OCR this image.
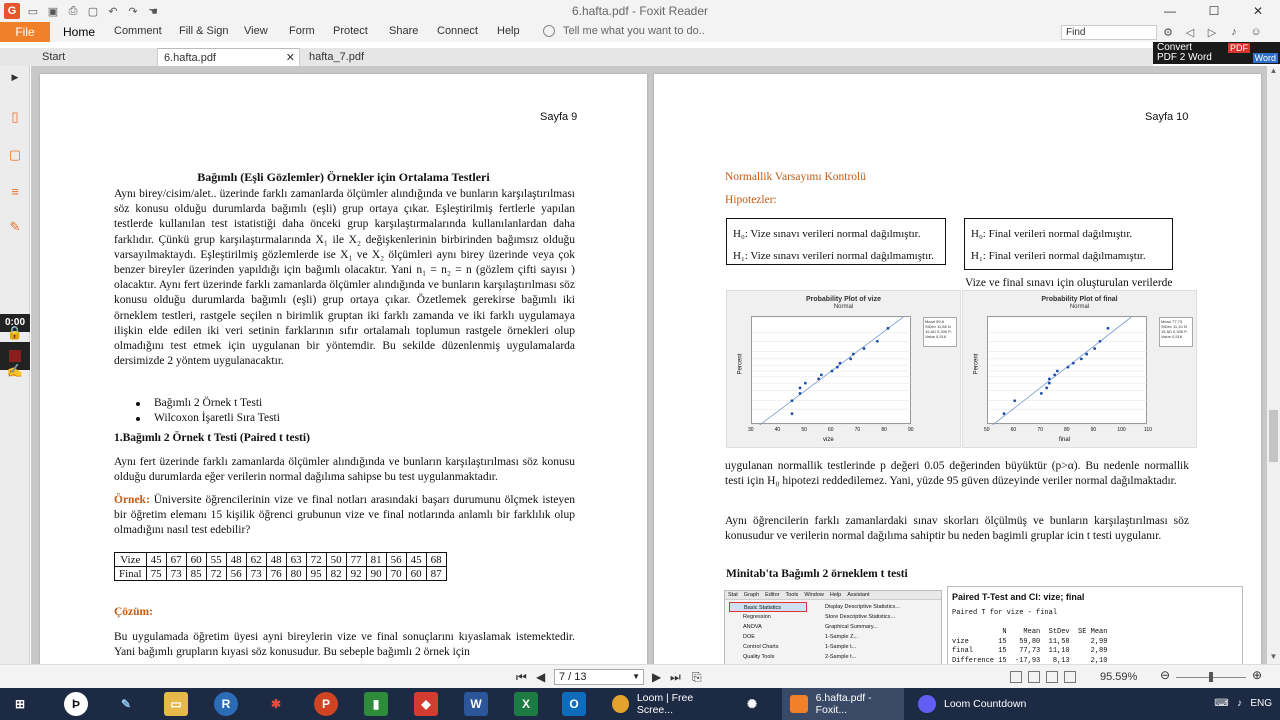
G	▭ ▣ ⎙ ▢ ↶ ↷ ☚	6.hafta.pdf - Foxit Reader	—	☐	✕
File	Home Comment Fill & Sign View Form Protect Share Connect Help	Tell me what you want to do..	Find	⚙	◁	▷	♪	☺
Convert
PDF 2 Word
PDF
Word
Start	6.hafta.pdf	✕	hafta_7.pdf
▶
▯
▢
≡
✎
0:00
🔒
✍
Sayfa 9
Bağımlı (Eşli Gözlemler) Örnekler için Ortalama Testleri
Aynı birey/cisim/alet.. üzerinde farklı zamanlarda ölçümler alındığında ve bunların karşılaştırılması söz konusu olduğu durumlarda bağımlı (eşli) grup ortaya çıkar. Eşleştirilmiş fertlerle yapılan testlerde kullanılan test istatistiği daha önceki grup karşılaştırmalarında kullanılanlardan daha farklıdır. Çünkü grup karşılaştırmalarında X₁ ile X₂ değişkenlerinin birbirinden bağımsız olduğu varsayılmaktaydı. Eşleştirilmiş gözlemlerde ise X₁ ve X₂ ölçümleri aynı birey üzerinde veya çok benzer bireyler üzerinden yapıldığı için bağımlı olacaktır. Yani n₁ = n₂ = n (gözlem çifti sayısı ) olacaktır. Aynı fert üzerinde farklı zamanlarda ölçümler alındığında ve bunların karşılaştırılması söz konusu olduğu durumlarda bağımlı (eşli) grup ortaya çıkar. Özetlemek gerekirse bağımlı iki örneklem testleri, rastgele seçilen n birimlik gruptan iki farklı zamanda ve iki farklı uygulamaya ilişkin elde edilen iki veri setinin farklarının sıfır ortalamalı toplumun rastgele örnekleri olup olmadığını test etmek için uygulanan bir yöntemdir. Bu sekilde düzenlenmiş uygulamalarda dersimizde 2 yöntem uygulanacaktır.
Bağımlı 2 Örnek t Testi
Wilcoxon İşaretli Sıra Testi
1.Bağımlı 2 Örnek t Testi (Paired t testi)
Aynı fert üzerinde farklı zamanlarda ölçümler alındığında ve bunların karşılaştırılması söz konusu olduğu durumlarda eğer verilerin normal dağılıma sahipse bu test uygulanmaktadır.
Örnek: Üniversite öğrencilerinin vize ve final notları arasındaki başarı durumunu ölçmek isteyen bir öğretim elemanı 15 kişilik öğrenci grubunun vize ve final notlarında anlamlı bir farklılık olup olmadığını nasıl test edebilir?
Vize	45	67	60	55	48	62	48	63	72	50	77	81	56	45	68
Final	75	73	85	72	56	73	76	80	95	82	92	90	70	60	87
Çözüm:
Bu uygulamada öğretim üyesi ayni bireylerin vize ve final sonuçlarını kıyaslamak istemektedir. Yani bağımlı grupların kıyasi söz konusudur. Bu sebeple bağımlı 2 örnek için
Sayfa 10
Normallik Varsayımı Kontrolü
Hipotezler:
H₀: Vize sınavı verileri normal dağılmıştır.
H₁: Vize sınavı verileri normal dağılmamıştır.
H₀: Final verileri normal dağılmıştır.
H₁: Final verileri normal dağılmamıştır.
Vize ve final sınavı için oluşturulan verilerde
Probability Plot of vize
Normal
Percent
Mean 59,8 StDev 11,58 N 15 AD 0,306 P-Value 0,516
vize
30	40	50	60	70	80	90
Probability Plot of final
Normal
Percent
Mean 77,73 StDev 11,10 N 15 AD 0,306 P-Value 0,516
final
50	60	70	80	90	100	110
uygulanan normallik testlerinde p değeri 0.05 değerinden büyüktür (p>α). Bu nedenle normallik testi için H₀ hipotezi reddedilemez. Yani, yüzde 95 güven düzeyinde veriler normal dağılmaktadır.
Aynı öğrencilerin farklı zamanlardaki sınav skorları ölçülmüş ve bunların karşılaştırılması söz konusudur ve verilerin normal dağılıma sahiptir bu neden bagimli gruplar icin t testi uygulanır.
Minitab'ta Bağımlı 2 örneklem t testi
Stat Graph Editor Tools Window Help Assistant
Basic Statistics
Regression
ANOVA
DOE
Control Charts
Quality Tools
Display Descriptive Statistics...
Store Descriptive Statistics...
Graphical Summary...
1-Sample Z...
1-Sample t...
2-Sample t...
Paired T-Test and CI: vize; final
Paired T for vize - final

N    Mean  StDev  SE Mean
vize       15   59,80  11,58     2,99
final      15   77,73  11,10     2,89
Difference 15  -17,93   8,13     2,10
▲
▼
⏮ ◀	7 / 13	▼ ▶ ⏭ ⎘	95.59% ⊖	⊕
⊞	Þ	✎	▭	R	✱	P	▮	◆	W	X	O	Loom | Free Scree...	✺	6.hafta.pdf - Foxit...	Loom Countdown	⌨ ♪ ENG
